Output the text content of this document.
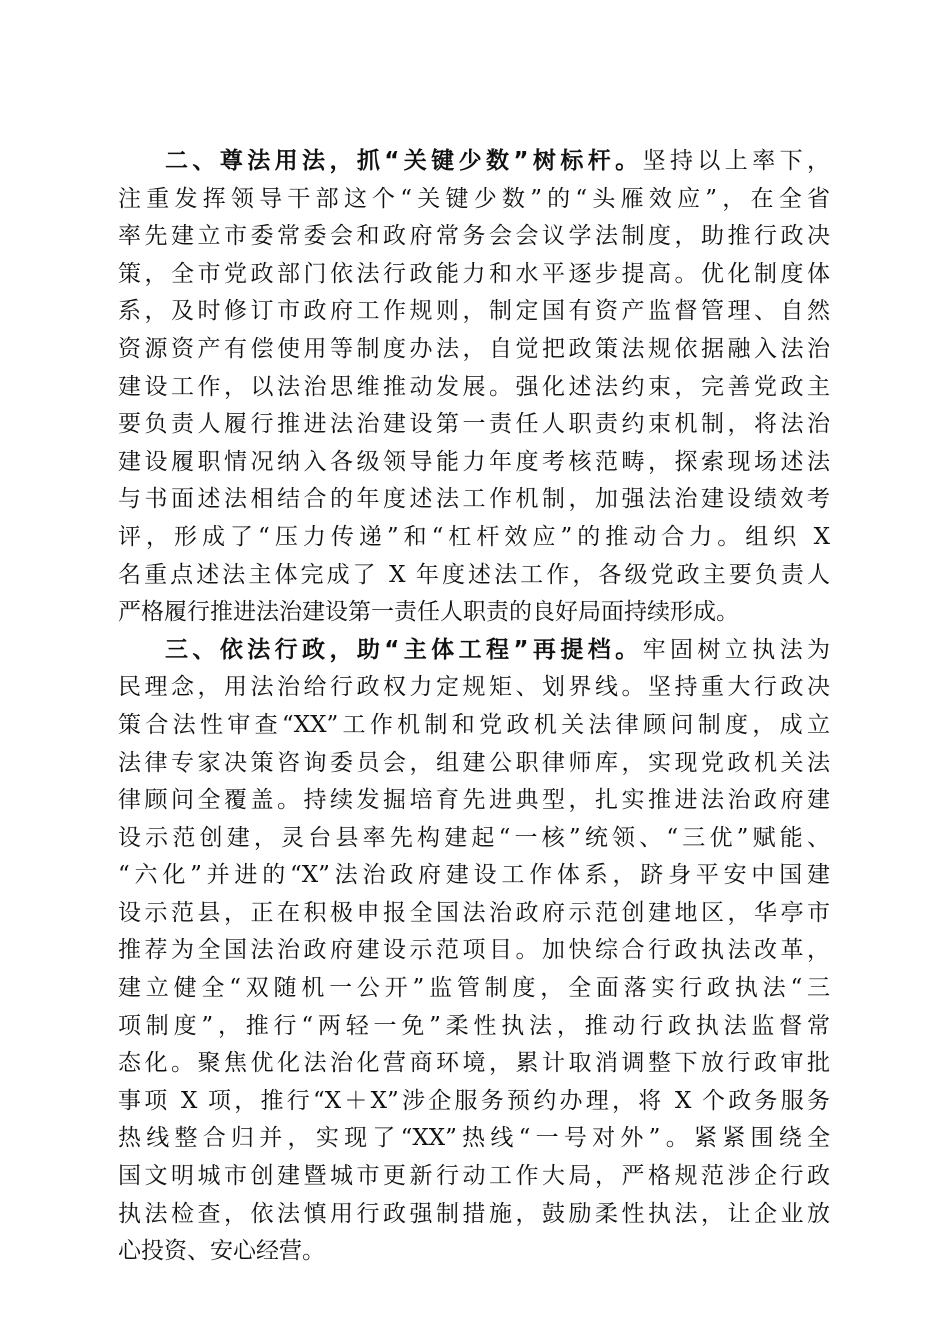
二、尊法用法，抓“关键少数”树标杆。坚持以上率下，
注重发挥领导干部这个“关键少数”的“头雁效应”，在全省
率先建立市委常委会和政府常务会会议学法制度，助推行政决
策，全市党政部门依法行政能力和水平逐步提高。优化制度体
系，及时修订市政府工作规则，制定国有资产监督管理、自然
资源资产有偿使用等制度办法，自觉把政策法规依据融入法治
建设工作，以法治思维推动发展。强化述法约束，完善党政主
要负责人履行推进法治建设第一责任人职责约束机制，将法治
建设履职情况纳入各级领导能力年度考核范畴，探索现场述法
与书面述法相结合的年度述法工作机制，加强法治建设绩效考
评，形成了“压力传递”和“杠杆效应”的推动合力。组织 X
名重点述法主体完成了 X 年度述法工作，各级党政主要负责人
严格履行推进法治建设第一责任人职责的良好局面持续形成。
三、依法行政，助“主体工程”再提档。牢固树立执法为
民理念，用法治给行政权力定规矩、划界线。坚持重大行政决
策合法性审查“XX”工作机制和党政机关法律顾问制度，成立
法律专家决策咨询委员会，组建公职律师库，实现党政机关法
律顾问全覆盖。持续发掘培育先进典型，扎实推进法治政府建
设示范创建，灵台县率先构建起“一核”统领、“三优”赋能、
“六化”并进的“X”法治政府建设工作体系，跻身平安中国建
设示范县，正在积极申报全国法治政府示范创建地区，华亭市
推荐为全国法治政府建设示范项目。加快综合行政执法改革，
建立健全“双随机一公开”监管制度，全面落实行政执法“三
项制度”，推行“两轻一免”柔性执法，推动行政执法监督常
态化。聚焦优化法治化营商环境，累计取消调整下放行政审批
事项 X 项，推行“X＋X”涉企服务预约办理，将 X 个政务服务
热线整合归并，实现了“XX”热线“一号对外”。紧紧围绕全
国文明城市创建暨城市更新行动工作大局，严格规范涉企行政
执法检查，依法慎用行政强制措施，鼓励柔性执法，让企业放
心投资、安心经营。
